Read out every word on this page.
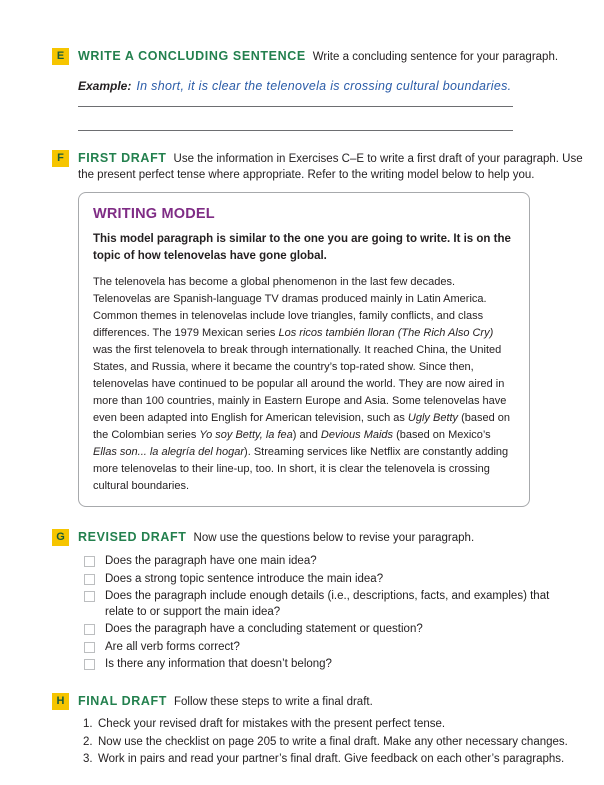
E	WRITE A CONCLUDING SENTENCE Write a concluding sentence for your paragraph.
Example: In short, it is clear the telenovela is crossing cultural boundaries.
F	FIRST DRAFT Use the information in Exercises C–E to write a first draft of your paragraph. Use the present perfect tense where appropriate. Refer to the writing model below to help you.
WRITING MODEL
This model paragraph is similar to the one you are going to write. It is on the topic of how telenovelas have gone global.
The telenovela has become a global phenomenon in the last few decades. Telenovelas are Spanish-language TV dramas produced mainly in Latin America. Common themes in telenovelas include love triangles, family conflicts, and class differences. The 1979 Mexican series Los ricos también lloran (The Rich Also Cry) was the first telenovela to break through internationally. It reached China, the United States, and Russia, where it became the country’s top-rated show. Since then, telenovelas have continued to be popular all around the world. They are now aired in more than 100 countries, mainly in Eastern Europe and Asia. Some telenovelas have even been adapted into English for American television, such as Ugly Betty (based on the Colombian series Yo soy Betty, la fea) and Devious Maids (based on Mexico’s Ellas son... la alegría del hogar). Streaming services like Netflix are constantly adding more telenovelas to their line-up, too. In short, it is clear the telenovela is crossing cultural boundaries.
G	REVISED DRAFT Now use the questions below to revise your paragraph.
Does the paragraph have one main idea?
Does a strong topic sentence introduce the main idea?
Does the paragraph include enough details (i.e., descriptions, facts, and examples) that relate to or support the main idea?
Does the paragraph have a concluding statement or question?
Are all verb forms correct?
Is there any information that doesn’t belong?
H	FINAL DRAFT Follow these steps to write a final draft.
1. Check your revised draft for mistakes with the present perfect tense.
2. Now use the checklist on page 205 to write a final draft. Make any other necessary changes.
3. Work in pairs and read your partner’s final draft. Give feedback on each other’s paragraphs.
